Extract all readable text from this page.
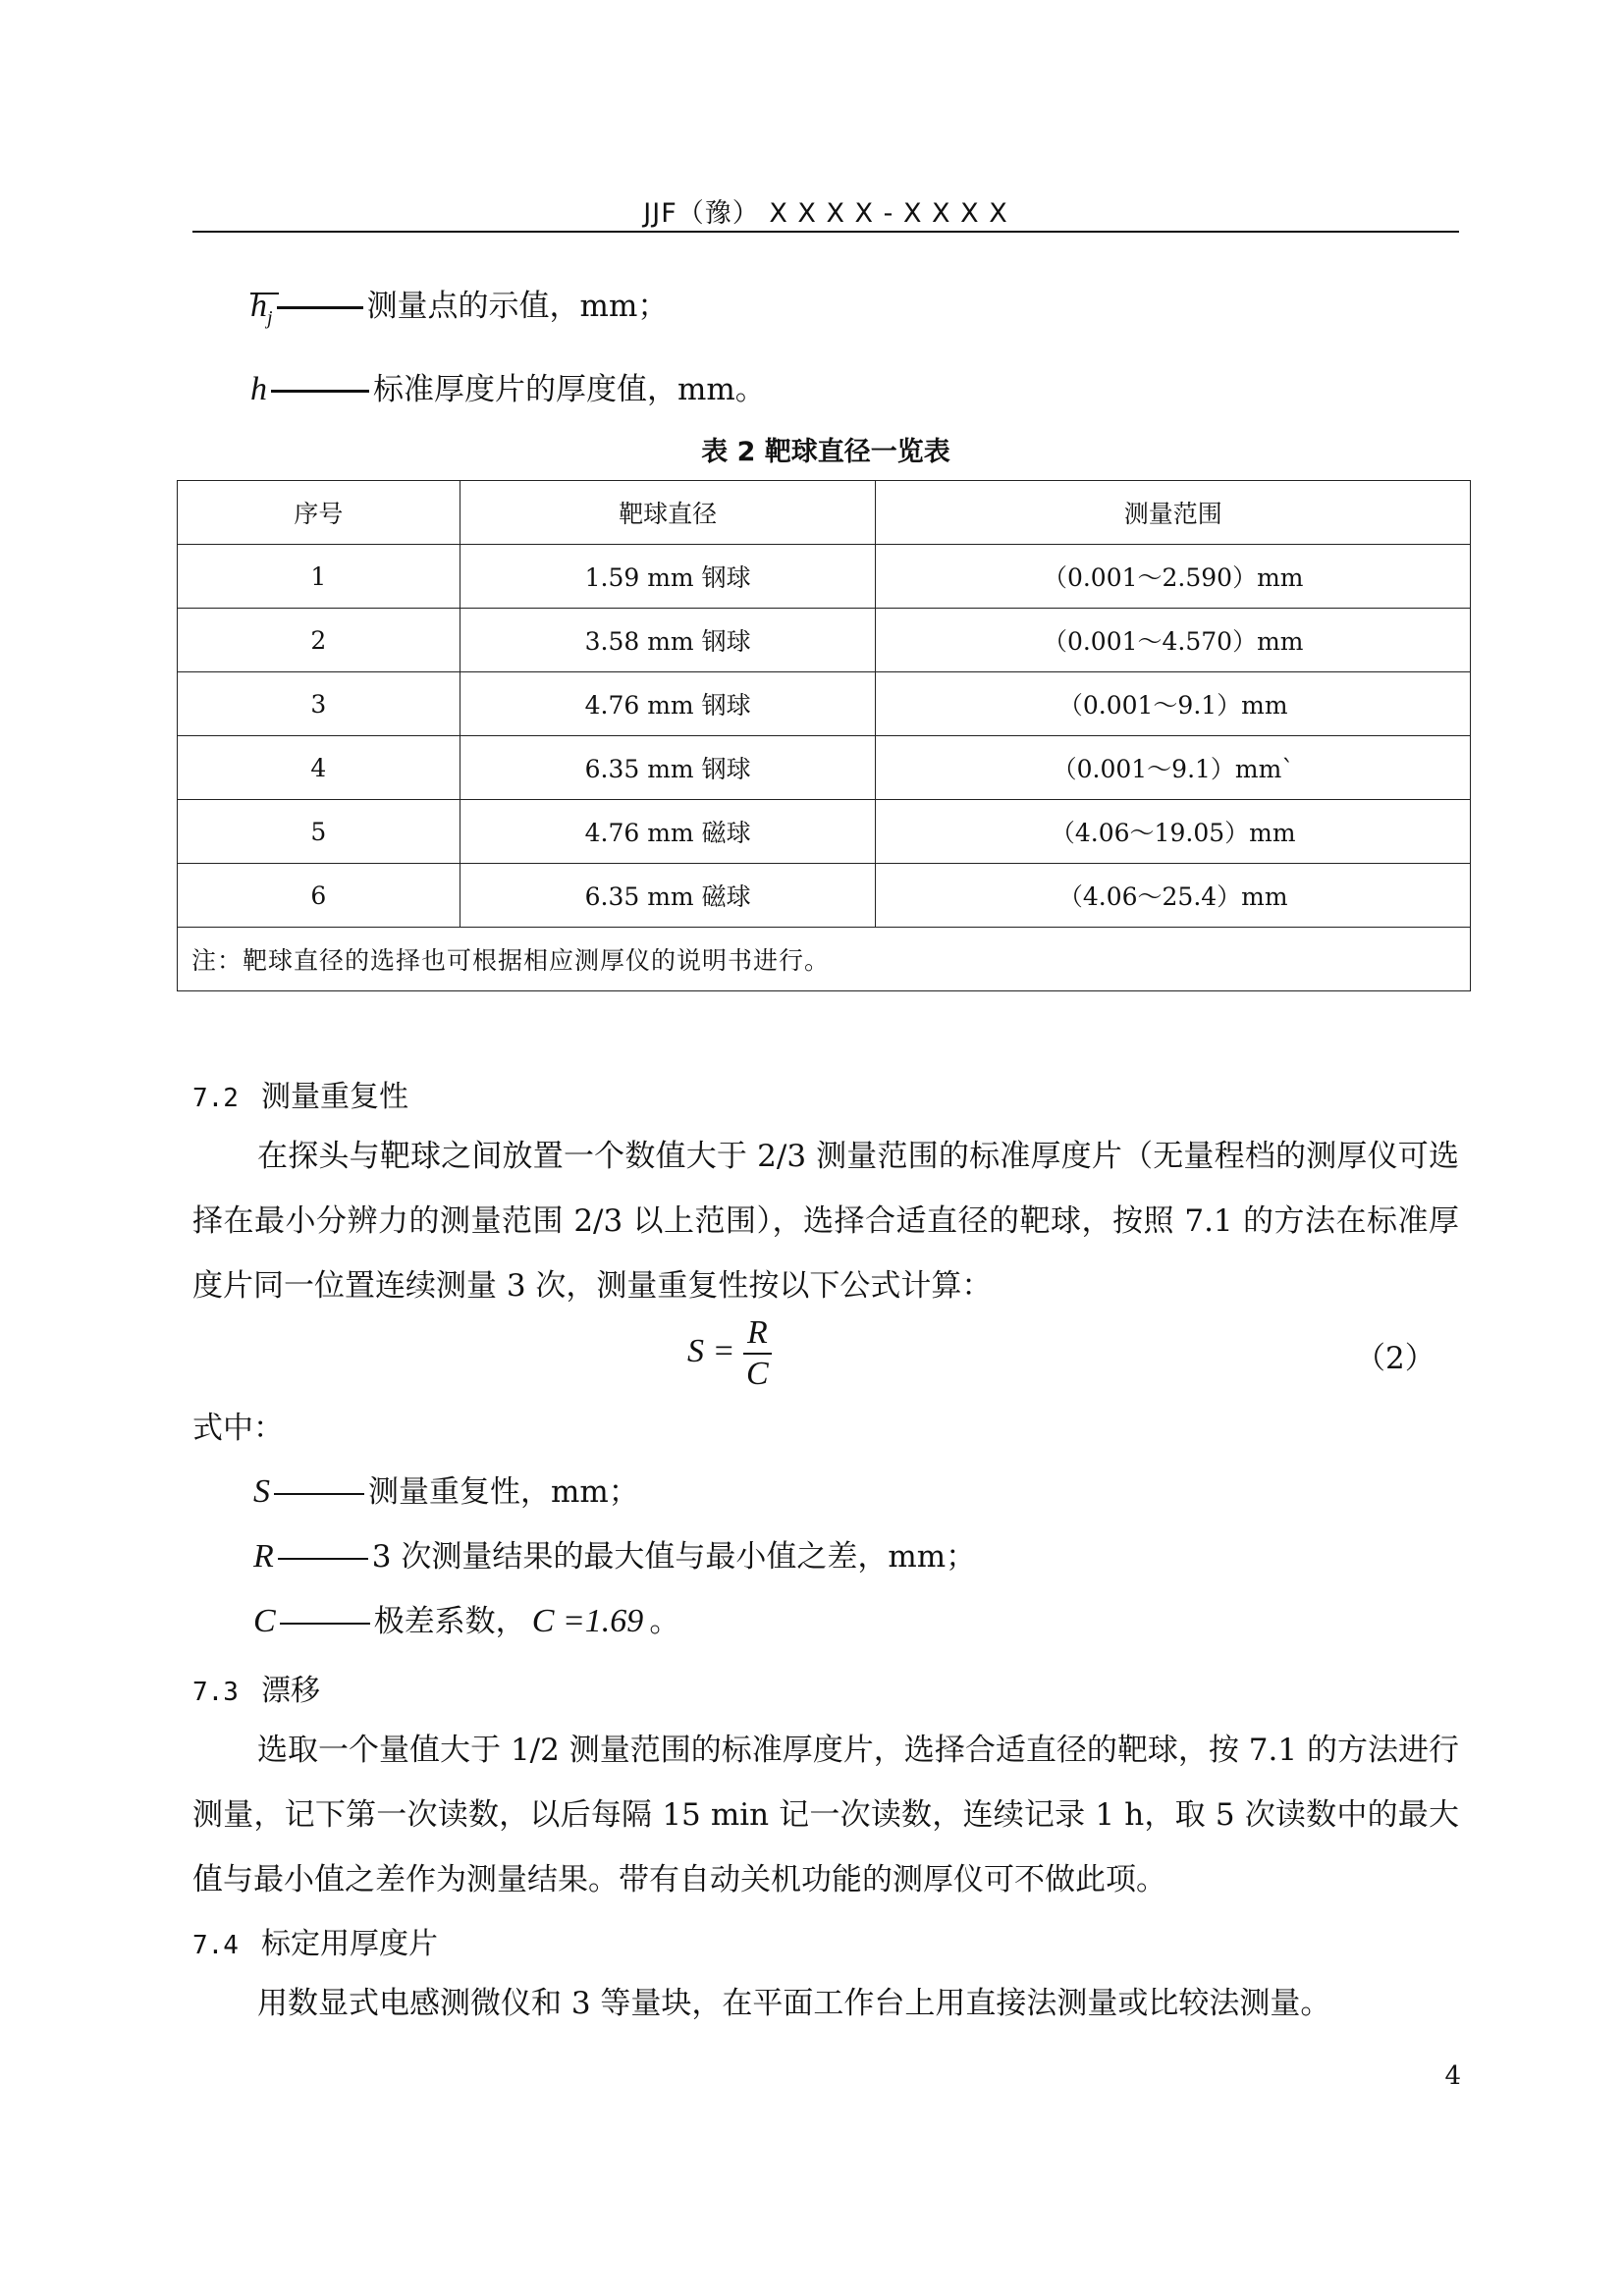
JJF（豫） X X X X - X X X X
$h_j$	测量点的示值，mm；
h	标准厚度片的厚度值，mm。
表 2 靶球直径一览表
序号	靶球直径	测量范围
1	1.59 mm 钢球	（0.001～2.590）mm
2	3.58 mm 钢球	（0.001～4.570）mm
3	4.76 mm 钢球	（0.001～9.1）mm
4	6.35 mm 钢球	（0.001～9.1）mm`
5	4.76 mm 磁球	（4.06～19.05）mm
6	6.35 mm 磁球	（4.06～25.4）mm
注：靶球直径的选择也可根据相应测厚仪的说明书进行。		
7.2 测量重复性
在探头与靶球之间放置一个数值大于 2/3 测量范围的标准厚度片（无量程档的测厚仪可选择在最小分辨力的测量范围 2/3 以上范围），选择合适直径的靶球，按照 7.1 的方法在标准厚度片同一位置连续测量 3 次，测量重复性按以下公式计算：
$S = \frac{R}{C}$	（2）
式中：
S	测量重复性，mm；
R	3 次测量结果的最大值与最小值之差，mm；
C	极差系数， C =1.69 。
7.3 漂移
选取一个量值大于 1/2 测量范围的标准厚度片，选择合适直径的靶球，按 7.1 的方法进行测量，记下第一次读数，以后每隔 15 min 记一次读数，连续记录 1 h，取 5 次读数中的最大值与最小值之差作为测量结果。带有自动关机功能的测厚仪可不做此项。
7.4 标定用厚度片
用数显式电感测微仪和 3 等量块，在平面工作台上用直接法测量或比较法测量。
4
